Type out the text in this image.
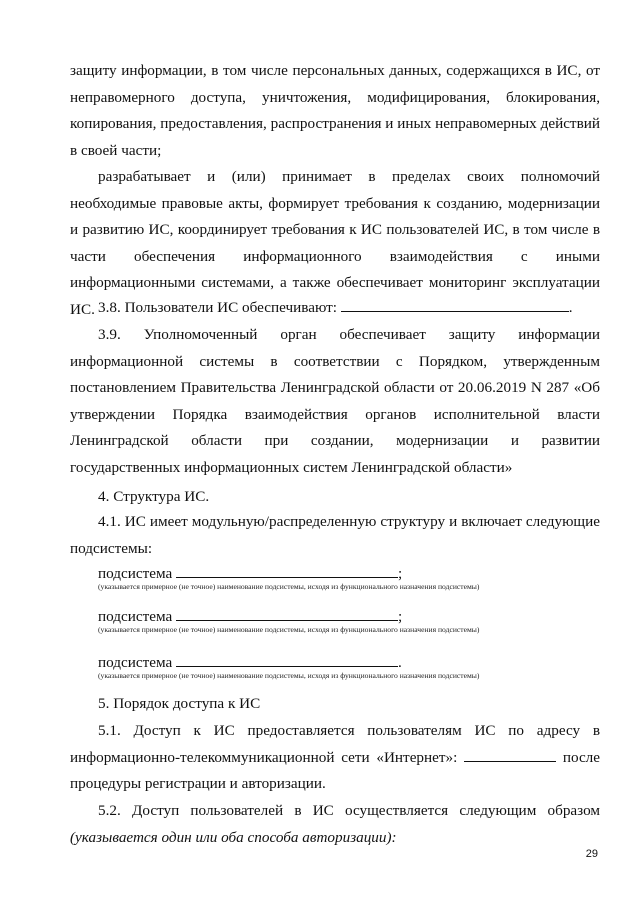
защиту информации, в том числе персональных данных, содержащихся в ИС, от неправомерного доступа, уничтожения, модифицирования, блокирования, копирования, предоставления, распространения и иных неправомерных действий в своей части;

разрабатывает и (или) принимает в пределах своих полномочий необходимые правовые акты, формирует требования к созданию, модернизации и развитию ИС, координирует требования к ИС пользователей ИС, в том числе в части обеспечения информационного взаимодействия с иными информационными системами, а также обеспечивает мониторинг эксплуатации ИС. 3.8. Пользователи ИС обеспечивают:	.

3.9. Уполномоченный орган обеспечивает защиту информации информационной системы в соответствии с Порядком, утвержденным постановлением Правительства Ленинградской области от 20.06.2019 N 287 «Об утверждении Порядка взаимодействия органов исполнительной власти Ленинградской области при создании, модернизации и развитии государственных информационных систем Ленинградской области»

4. Структура ИС.

4.1. ИС имеет модульную/распределенную структуру и включает следующие подсистемы:

подсистема	;
(указывается примерное (не точное) наименование подсистемы, исходя из функционального назначения подсистемы)
подсистема	;
(указывается примерное (не точное) наименование подсистемы, исходя из функционального назначения подсистемы)
подсистема	.
(указывается примерное (не точное) наименование подсистемы, исходя из функционального назначения подсистемы)
5. Порядок доступа к ИС
5.1. Доступ к ИС предоставляется пользователям ИС по адресу в информационно-телекоммуникационной сети «Интернет»:	после процедуры регистрации и авторизации.
5.2. Доступ пользователей в ИС осуществляется следующим образом (указывается один или оба способа авторизации):
29
